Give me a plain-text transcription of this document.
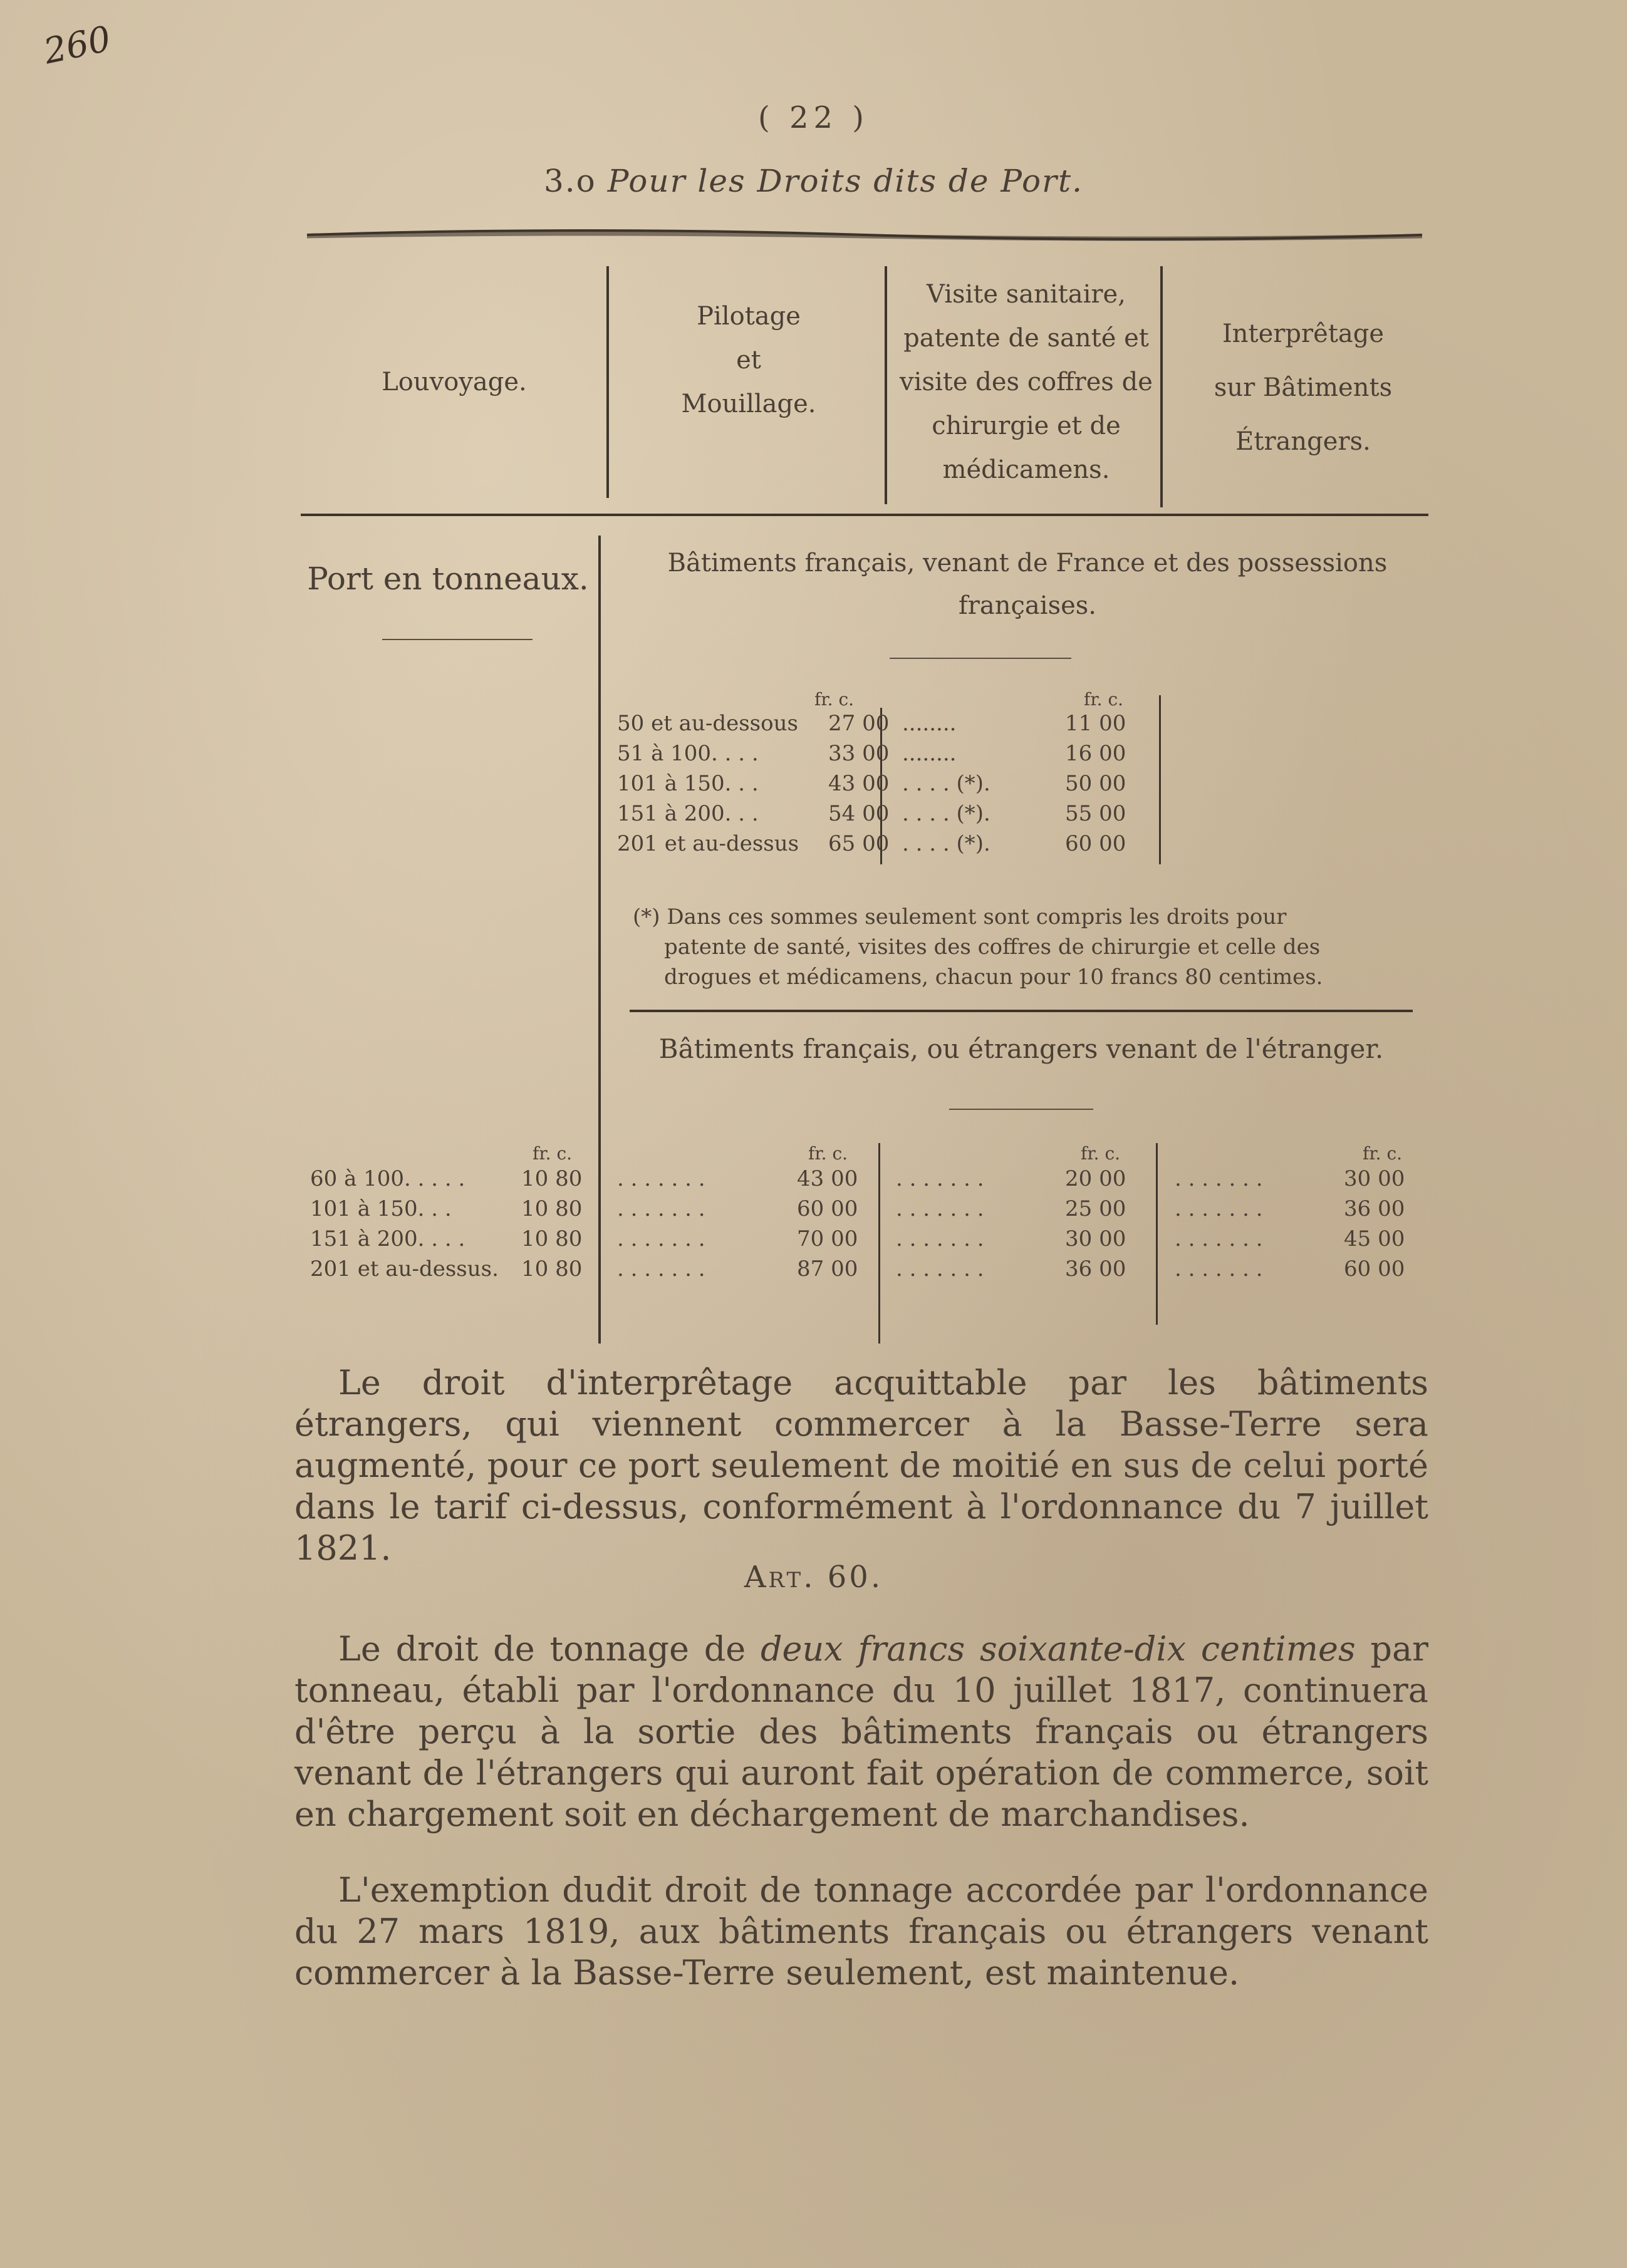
260
( 22 )
3.o Pour les Droits dits de Port.
Louvoyage.
Pilotage
et
Mouillage.
Visite sanitaire,
patente de santé et
visite des coffres de
chirurgie et de
médicamens.
Interprêtage
sur Bâtiments
Étrangers.
Port en tonneaux.	Bâtiments français, venant de France et des possessions
françaises.
fr. c.	fr. c.
50 et au-dessous 27 00 ........	11 00
51 à 100. . . .	33 00 ........	16 00
101 à 150. . .	43 00 . . . . (*).	50 00
151 à 200. . .	54 00 . . . . (*).	55 00
201 et au-dessus 65 00 . . . . (*).	60 00
(*) Dans ces sommes seulement sont compris les droits pour
patente de santé, visites des coffres de chirurgie et celle des
drogues et médicamens, chacun pour 10 francs 80 centimes.
Bâtiments français, ou étrangers venant de l'étranger.
fr. c.	fr. c.	fr. c.	fr. c.
60 à 100. . . . .	10 80 . . . . . . .	43 00 . . . . . . .	20 00 . . . . . . .	30 00
101 à 150. . .	10 80 . . . . . . .	60 00 . . . . . . .	25 00 . . . . . . .	36 00
151 à 200. . . .	10 80 . . . . . . .	70 00 . . . . . . .	30 00 . . . . . . .	45 00
201 et au-dessus. 10 80 . . . . . . .	87 00 . . . . . . .	36 00 . . . . . . .	60 00
Le droit d'interprêtage acquittable par les bâtiments étrangers, qui viennent commercer à la Basse-Terre sera augmenté, pour ce port seulement de moitié en sus de celui porté dans le tarif ci-dessus, conformément à l'ordonnance du 7 juillet 1821.
Art. 60.
Le droit de tonnage de deux francs soixante-dix centimes par tonneau, établi par l'ordonnance du 10 juillet 1817, continuera d'être perçu à la sortie des bâtiments français ou étrangers venant de l'étrangers qui auront fait opération de commerce, soit en chargement soit en déchargement de marchandises.
L'exemption dudit droit de tonnage accordée par l'ordonnance du 27 mars 1819, aux bâtiments français ou étrangers venant commercer à la Basse-Terre seulement, est maintenue.
